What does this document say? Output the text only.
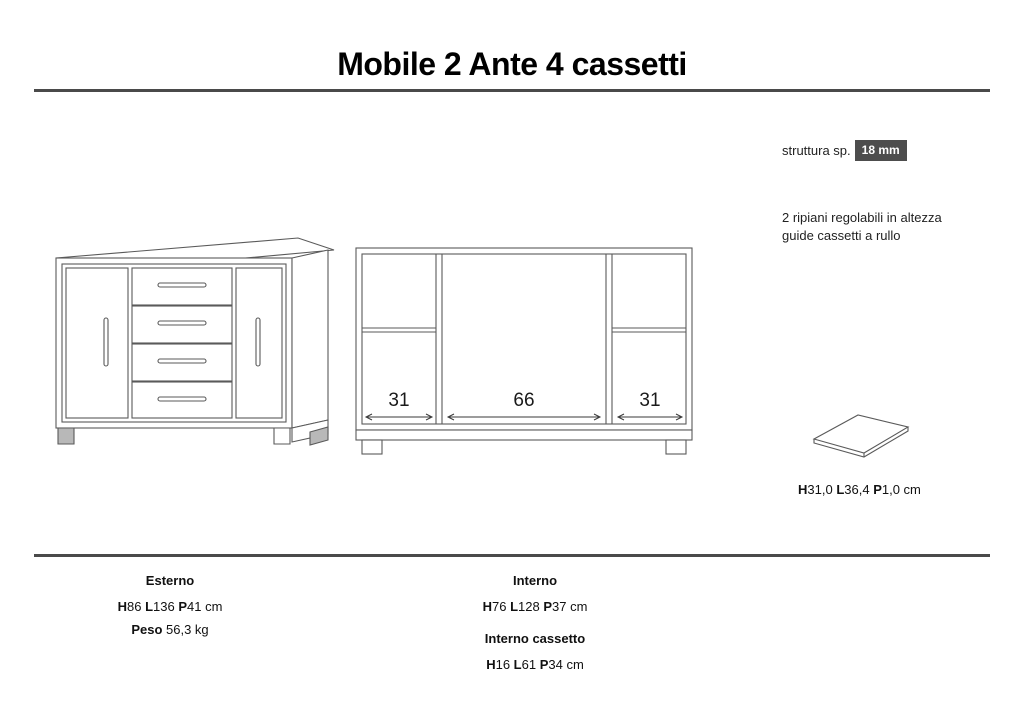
Mobile 2 Ante 4 cassetti
31	66	31
struttura sp. 18 mm
2 ripiani regolabili in altezza
guide cassetti a rullo
H31,0 L36,4 P1,0 cm
Esterno
H86 L136 P41 cm
Peso 56,3 kg
Interno
H76 L128 P37 cm
Interno cassetto
H16 L61 P34 cm
